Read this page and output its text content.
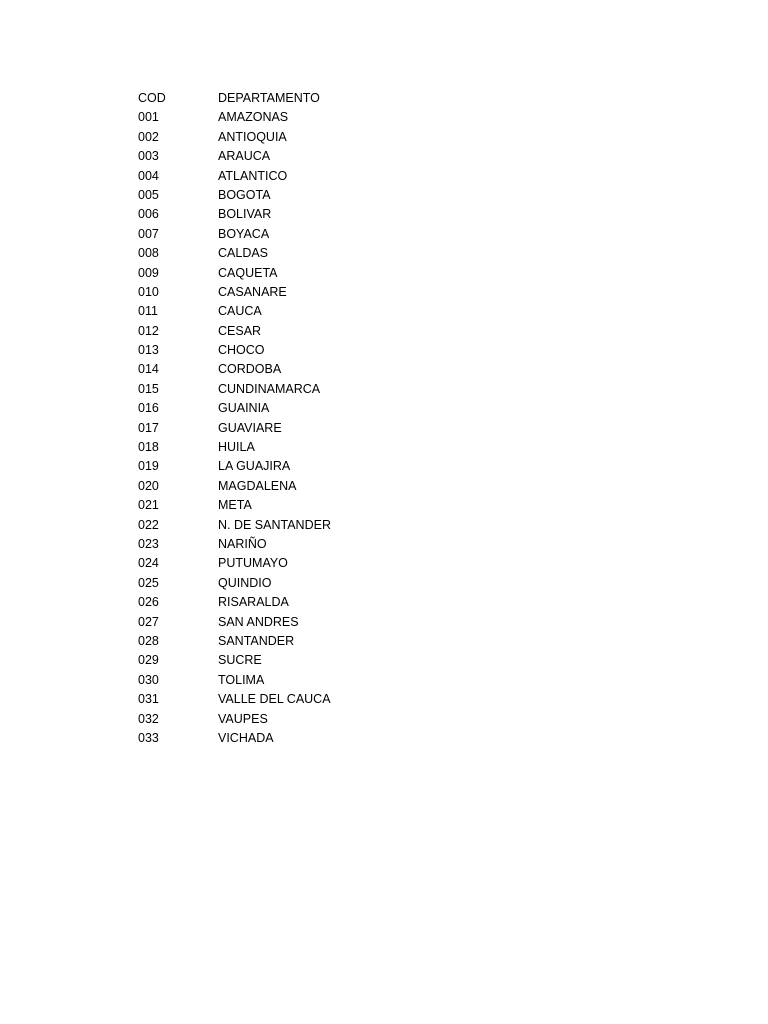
COD	DEPARTAMENTO
001	AMAZONAS
002	ANTIOQUIA
003	ARAUCA
004	ATLANTICO
005	BOGOTA
006	BOLIVAR
007	BOYACA
008	CALDAS
009	CAQUETA
010	CASANARE
011	CAUCA
012	CESAR
013	CHOCO
014	CORDOBA
015	CUNDINAMARCA
016	GUAINIA
017	GUAVIARE
018	HUILA
019	LA GUAJIRA
020	MAGDALENA
021	META
022	N. DE SANTANDER
023	NARIÑO
024	PUTUMAYO
025	QUINDIO
026	RISARALDA
027	SAN ANDRES
028	SANTANDER
029	SUCRE
030	TOLIMA
031	VALLE DEL CAUCA
032	VAUPES
033	VICHADA
